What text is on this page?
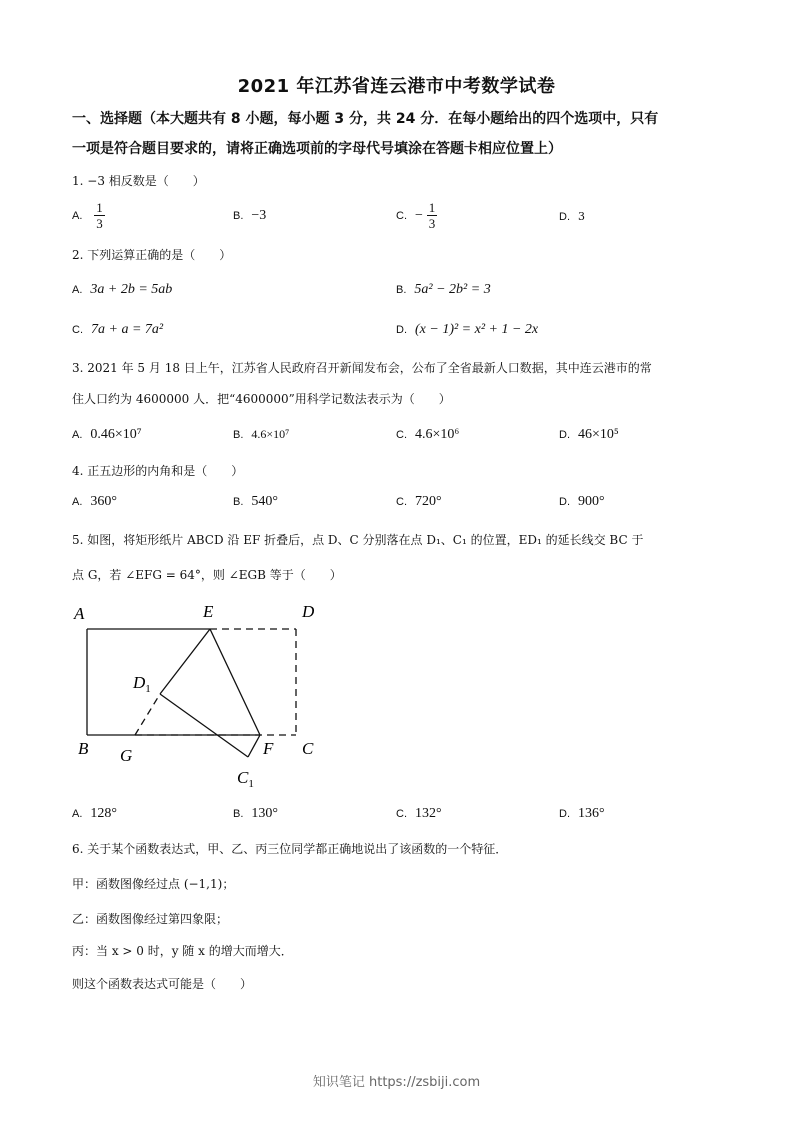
2021 年江苏省连云港市中考数学试卷
一、选择题（本大题共有 8 小题，每小题 3 分，共 24 分．在每小题给出的四个选项中，只有
一项是符合题目要求的，请将正确选项前的字母代号填涂在答题卡相应位置上）
1. −3 相反数是（　　）
A. $\frac{1}{3}$	B. −3	C. − $\frac{1}{3}$	D. 3
2. 下列运算正确的是（　　）
A. 3a + 2b = 5ab	B. 5a² − 2b² = 3
C. 7a + a = 7a²	D. (x − 1)² = x² + 1 − 2x
3. 2021 年 5 月 18 日上午，江苏省人民政府召开新闻发布会，公布了全省最新人口数据，其中连云港市的常
住人口约为 4600000 人．把“4600000”用科学记数法表示为（　　）
A. 0.46×10⁷	B. 4.6×10⁷	C. 4.6×10⁶	D. 46×10⁵
4. 正五边形的内角和是（　　）
A. 360°	B. 540°	C. 720°	D. 900°
5. 如图，将矩形纸片 ABCD 沿 EF 折叠后，点 D、C 分别落在点 D₁、C₁ 的位置，ED₁ 的延长线交 BC 于
点 G，若 ∠EFG = 64°，则 ∠EGB 等于（　　）
A	E	D
$D_1$
B G	F C
$C_1$
A. 128°	B. 130°	C. 132°	D. 136°
6. 关于某个函数表达式，甲、乙、丙三位同学都正确地说出了该函数的一个特征．
甲：函数图像经过点 (−1,1)；
乙：函数图像经过第四象限；
丙：当 x > 0 时，y 随 x 的增大而增大．
则这个函数表达式可能是（　　）
知识笔记 https://zsbiji.com
